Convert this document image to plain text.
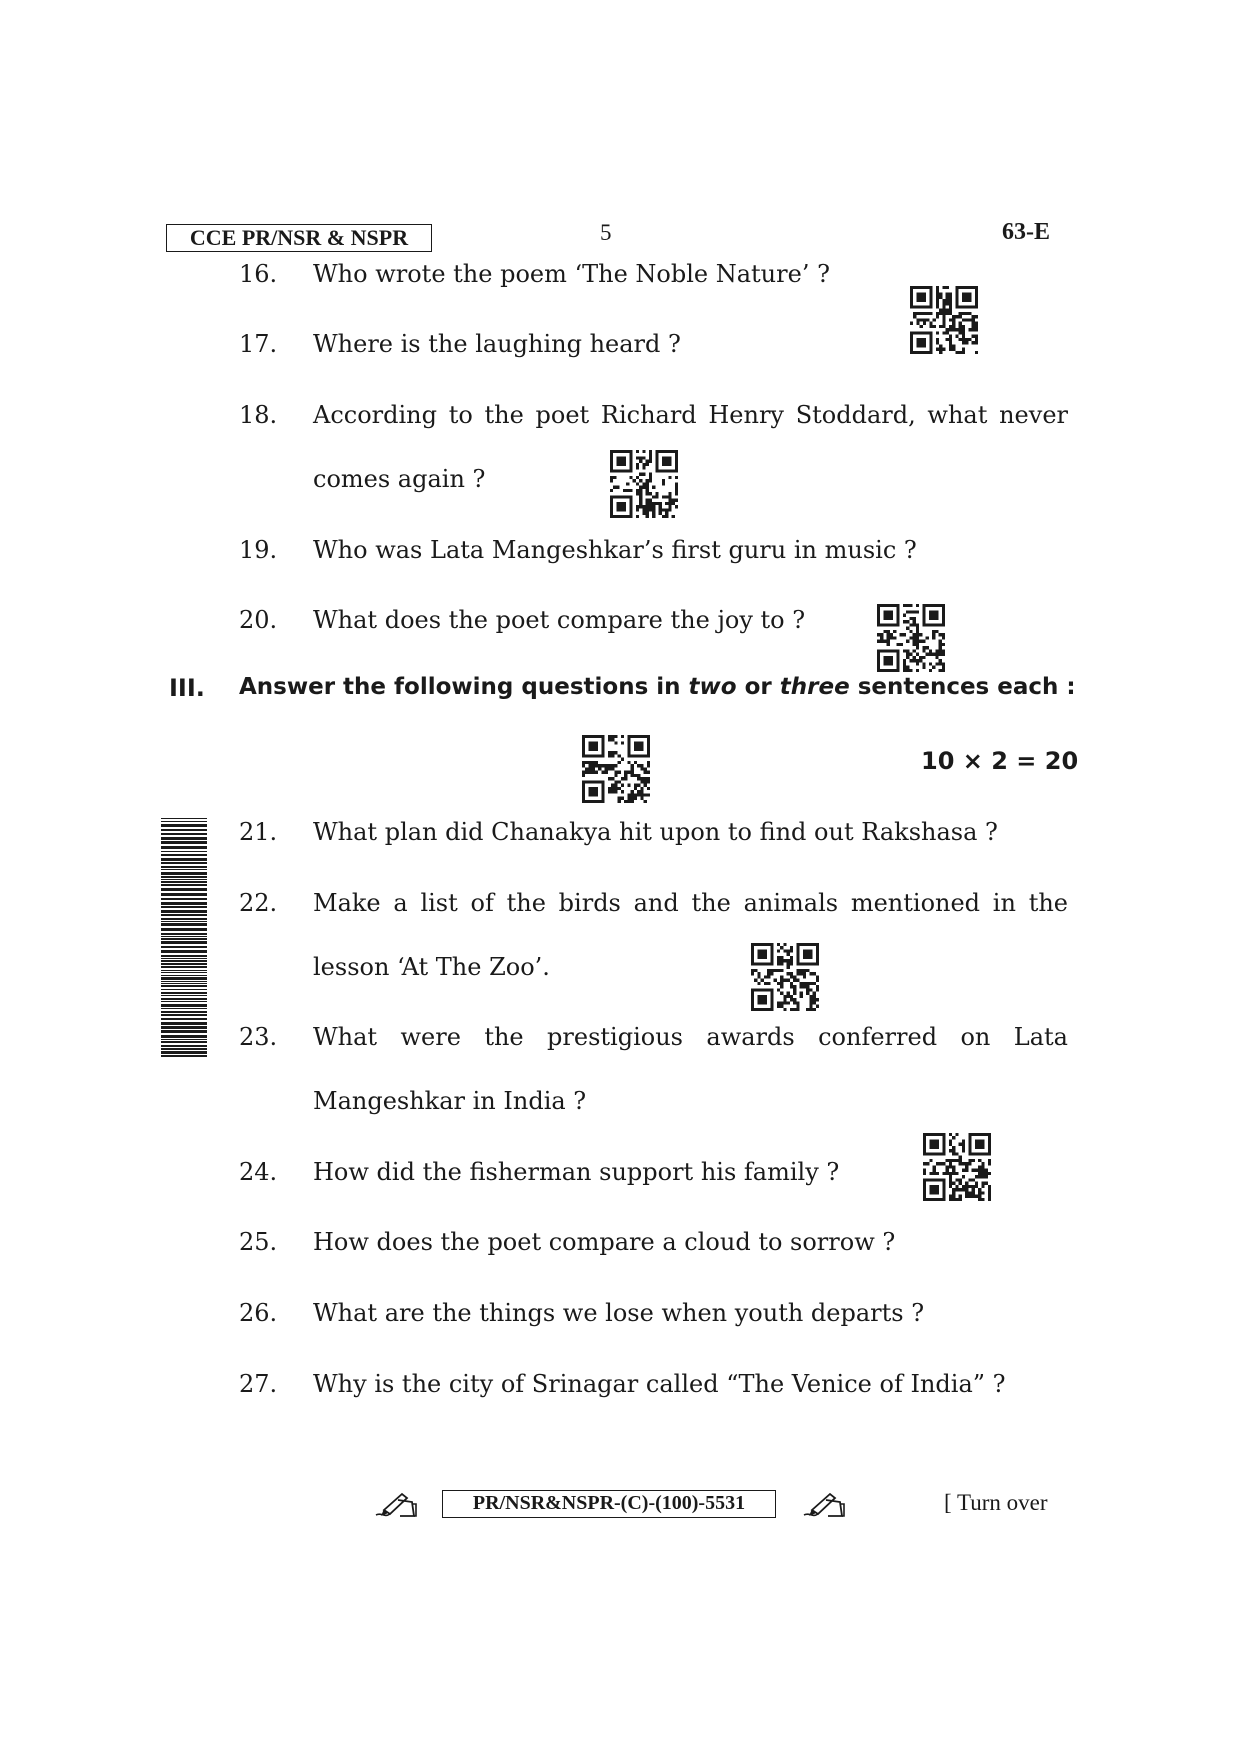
CCE PR/NSR & NSPR	5	63-E
16. Who wrote the poem ‘The Noble Nature’ ?
17. Where is the laughing heard ?
18. According to the poet Richard Henry Stoddard, what never
comes again ?
19. Who was Lata Mangeshkar’s first guru in music ?
20. What does the poet compare the joy to ?
III. Answer the following questions in two or three sentences each :
10 × 2 = 20
21. What plan did Chanakya hit upon to find out Rakshasa ?
22. Make a list of the birds and the animals mentioned in the
lesson ‘At The Zoo’.
23. What were the prestigious awards conferred on Lata
Mangeshkar in India ?
24. How did the fisherman support his family ?
25. How does the poet compare a cloud to sorrow ?
26. What are the things we lose when youth departs ?
27. Why is the city of Srinagar called “The Venice of India” ?
PR/NSR&NSPR-(C)-(100)-5531	[ Turn over
